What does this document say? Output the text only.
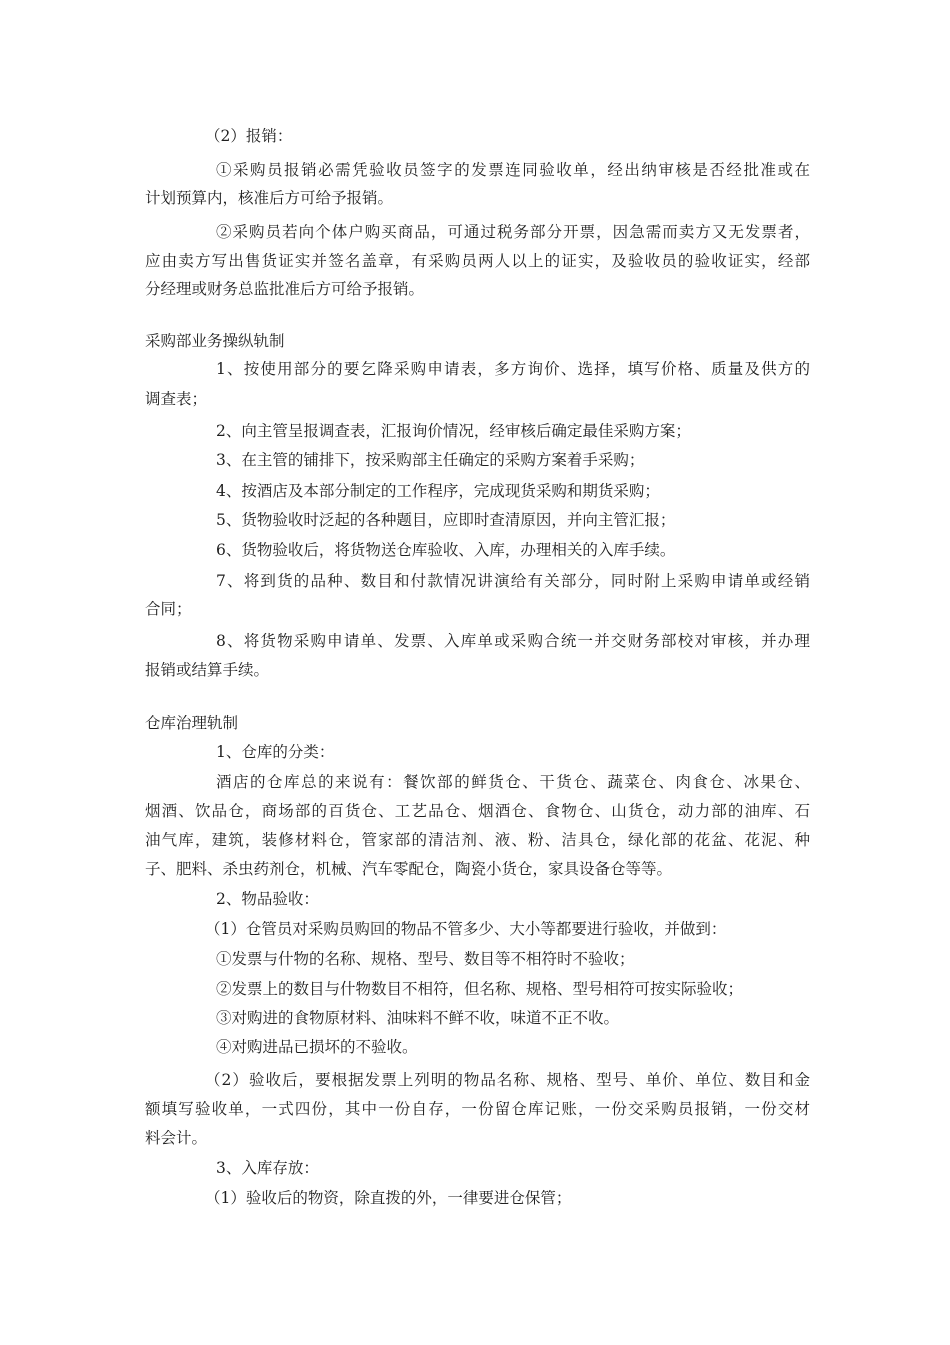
（2）报销：

①采购员报销必需凭验收员签字的发票连同验收单，经出纳审核是否经批准或在

计划预算内，核准后方可给予报销。

②采购员若向个体户购买商品，可通过税务部分开票，因急需而卖方又无发票者，

应由卖方写出售货证实并签名盖章，有采购员两人以上的证实，及验收员的验收证实，经部

分经理或财务总监批准后方可给予报销。

采购部业务操纵轨制

1、按使用部分的要乞降采购申请表，多方询价、选择，填写价格、质量及供方的

调查表；

2、向主管呈报调查表，汇报询价情况，经审核后确定最佳采购方案；

3、在主管的铺排下，按采购部主任确定的采购方案着手采购；

4、按酒店及本部分制定的工作程序，完成现货采购和期货采购；

5、货物验收时泛起的各种题目，应即时查清原因，并向主管汇报；

6、货物验收后，将货物送仓库验收、入库，办理相关的入库手续。

7、将到货的品种、数目和付款情况讲演给有关部分，同时附上采购申请单或经销

合同；

8、将货物采购申请单、发票、入库单或采购合统一并交财务部校对审核，并办理

报销或结算手续。

仓库治理轨制

1、仓库的分类：

酒店的仓库总的来说有：餐饮部的鲜货仓、干货仓、蔬菜仓、肉食仓、冰果仓、

烟酒、饮品仓，商场部的百货仓、工艺品仓、烟酒仓、食物仓、山货仓，动力部的油库、石

油气库，建筑，装修材料仓，管家部的清洁剂、液、粉、洁具仓，绿化部的花盆、花泥、种

子、肥料、杀虫药剂仓，机械、汽车零配仓，陶瓷小货仓，家具设备仓等等。

2、物品验收：

（1）仓管员对采购员购回的物品不管多少、大小等都要进行验收，并做到：

①发票与什物的名称、规格、型号、数目等不相符时不验收；

②发票上的数目与什物数目不相符，但名称、规格、型号相符可按实际验收；

③对购进的食物原材料、油味料不鲜不收，味道不正不收。

④对购进品已损坏的不验收。

（2）验收后，要根据发票上列明的物品名称、规格、型号、单价、单位、数目和金

额填写验收单，一式四份，其中一份自存，一份留仓库记账，一份交采购员报销，一份交材

料会计。

3、入库存放：

（1）验收后的物资，除直拨的外，一律要进仓保管；
